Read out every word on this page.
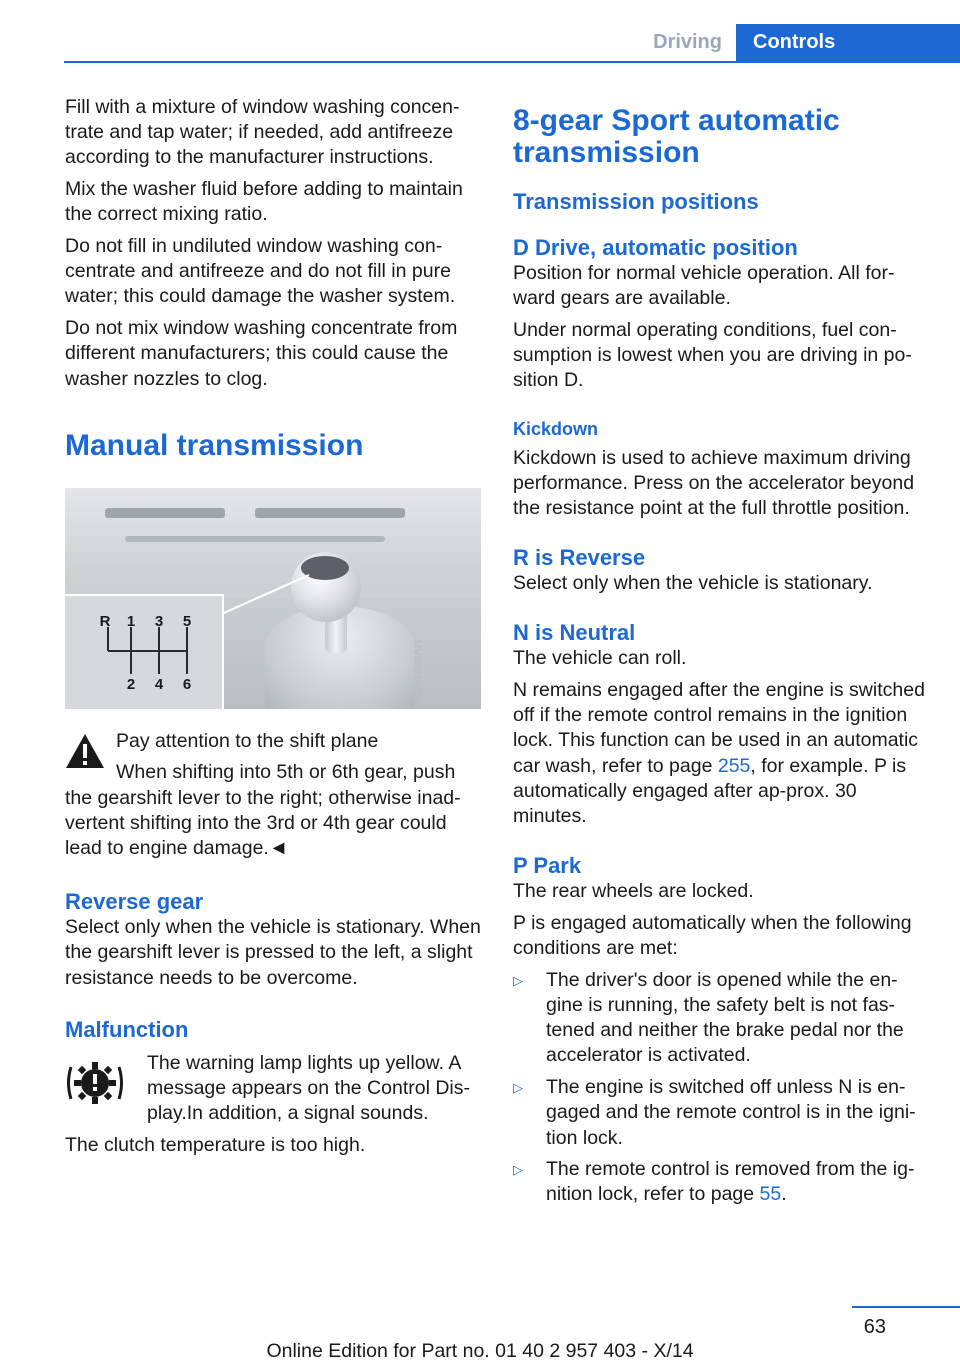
Driving	Controls

Fill with a mixture of window washing concen-trate and tap water; if needed, add antifreeze according to the manufacturer instructions.

Mix the washer fluid before adding to maintain the correct mixing ratio.

Do not fill in undiluted window washing con-centrate and antifreeze and do not fill in pure water; this could damage the washer system.

Do not mix window washing concentrate from different manufacturers; this could cause the washer nozzles to clog.

Manual transmission
R 1 3 5
2 4 6

Pay attention to the shift plane

When shifting into 5th or 6th gear, push the gearshift lever to the right; otherwise inad-vertent shifting into the 3rd or 4th gear could lead to engine damage.◄

Reverse gear

Select only when the vehicle is stationary. When the gearshift lever is pressed to the left, a slight resistance needs to be overcome.

Malfunction

The warning lamp lights up yellow. A message appears on the Control Dis-play.In addition, a signal sounds.

The clutch temperature is too high.

MV09070CMA
8-gear Sport automatic transmission
Transmission positions
D Drive, automatic position

Position for normal vehicle operation. All for-ward gears are available.

Under normal operating conditions, fuel con-sumption is lowest when you are driving in po-sition D.

Kickdown

Kickdown is used to achieve maximum driving performance. Press on the accelerator beyond the resistance point at the full throttle position.

R is Reverse

Select only when the vehicle is stationary.

N is Neutral

The vehicle can roll.

N remains engaged after the engine is switched off if the remote control remains in the ignition lock. This function can be used in an automatic car wash, refer to page 255, for example. P is automatically engaged after ap-prox. 30 minutes.

P Park

The rear wheels are locked.

P is engaged automatically when the following conditions are met:

▷ The driver's door is opened while the en-gine is running, the safety belt is not fas-tened and neither the brake pedal nor the accelerator is activated.
▷ The engine is switched off unless N is en-gaged and the remote control is in the igni-tion lock.
▷ The remote control is removed from the ig-nition lock, refer to page 55.
63
Online Edition for Part no. 01 40 2 957 403 - X/14
